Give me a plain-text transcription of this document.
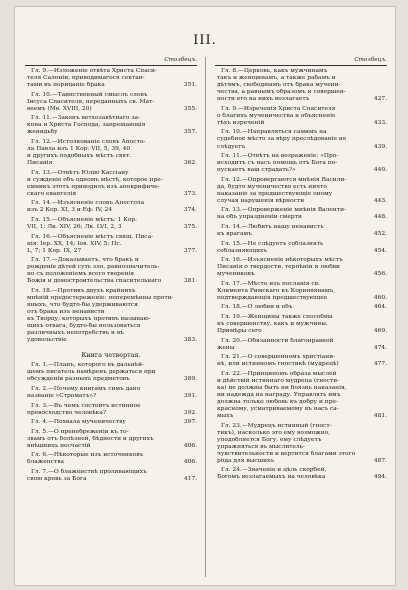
III.
Столбецъ.
Гл. 9.—Изложеніе отвѣта Христа Спаси-
теля Салоніи, приводимагося сектан-
тами въ порицаніе брака	351.
Гл. 10.—Таинственный смыслъ словъ
Іисуса Спасителя, переданныхъ св. Мат-
ѳеемъ (Мѳ. XVIII, 20)	355.
Гл. 11.—Законъ ветхозавѣтнаго за-
кона и Христа Господа, запрещающія
женидьбу	357.
Гл. 12.—Истолкованіе словъ Апосто-
ла Павла изъ 1 Кор. VII, 5, 39, 40
и другихъ подобныхъ мѣстъ свят.
Писанія	362.
Гл. 13.—Отвѣтъ Юлію Кассіану
и сужденіе объ одномъ мѣстѣ, которое прe-
емникъ этотъ приводилъ изъ апокрифиче-
скаго евангелія	373.
Гл. 14.—Изъясненіе словъ Апостола
изъ 2 Кор. XI, 3 и Еф. IV, 24	374.
Гл. 15.—Объясненіе мѣстъ: 1 Кор.
VII, 1; Лк. XIV, 26; Лк. LVI, 2, 3	375.
Гл. 16.—Объясненіе мѣстъ свящ. Писа-
нія: Іер. XX, 14; Іов. XIV, 5; Пс.
L, 7; 1 Кор. IX, 27	377.
Гл. 17.—Доказываетъ, что бракъ и
рожденіе дѣтей суть зло, равнозначитель-
но съ положеніемъ всего творенія
Божія и домостроительства спасительнаго	381.
Гл. 18.—Противъ двухъ крайнихъ
мнѣній предостереженіе: поперемѣнны проти-
вныхъ, что будто-бы удерживаются
отъ брака изъ ненависти
къ Творцу; которыхъ противъ вызываю-
щихъ отвага, будто-бы пользоваться
различныхъ непотребствъ и въ
удовольствіе	383.
Книга четвертая.
Гл. 1.—Планъ, которого въ дальнѣй-
шемъ писатель намѣренъ держаться при
обсужденіи разныхъ предметовъ	389.
Гл. 2.—Почему книгамъ симъ дано
названіе «Строматъ»?	391.
Гл. 3.—Въ чемъ состоитъ истинное
превосходство человѣка?	392.
Гл. 4.—Похвала мученичеству	397.
Гл. 5.—О пренебреженіи къ то-
звамъ отъ болѣзней, бѣдности и другихъ
внѣшнихъ несчастій	406.
Гл. 6.—Нѣкоторые изъ источниковъ
блаженства	406.
Гл. 7.—О блаженствѣ проливающихъ
свою кровь за Бога	417.
Столбецъ.
Гл. 8.—Церковь, какъ мужчинамъ
такъ и женщинамъ, а также рабамъ и
дѣтямъ, свободнымъ отъ брака мучени-
чества, а равнымъ образомъ и совершен-
ности его на нихъ возлагаетъ	427.
Гл. 9.—Изреченія Христа Спасителя
о благихъ мученичества и объясненіе
тѣхъ изреченій	433.
Гл. 10.—Направляться самимъ на
судебное мѣсто за вѣру преслѣдованіе не
слѣдуетъ	439.
Гл. 11.—Отвѣтъ на возраженіе: «Про-
исходитъ съ насъ помощь отъ Бога по-
пускаетъ ваш страдать?»	440.
Гл. 12.—Опровергаются мнѣнія Васили-
да, будто мученичество есть ничто
наказаніе за предшествующіе оному
случая нарушенія вѣрности	443.
Гл. 13.—Опроверженіе мнѣнія Валенти-
на объ упраздненіи смерти	448.
Гл. 14.—Любить нашу ненависть
къ врагамъ	452.
Гл. 15.—Не слѣдуетъ соблазнять
соблазняющихъ	454.
Гл. 16.—Изъясненіе нѣкоторыхъ мѣстъ
Писанія о твердости, терпѣніи и любви
мучениковъ	456.
Гл. 17.—Мѣсто изъ посланія св.
Климента Римскаго къ Коринѳянамъ,
подтверждающія предшествующее	460.
Гл. 18.—О любви и объ	464.
Гл. 19.—Женщины также способны
къ совершенству, какъ и мужчины.
Примѣры сего	469.
Гл. 20.—Обязанности благонравной
жены	474.
Гл. 21.—О совершенномъ христіани-
нѣ, или истинномъ гностикѣ (мудрецѣ)	477.
Гл. 22.—Принципомъ образа мыслей
и дѣйствій истиннаго мудреца (гности-
ка) не должны быть ни боязнь наказанія,
ни надежда на награду. Управлять имъ
должна только любовь къ добру и пре-
красному, усматриваемому въ насъ са-
мыхъ	481.
Гл. 23.—Мудрецъ истинный (гност-
тикъ), насколько это ему возможно,
уподобляется Богу, ему слѣдуетъ
упражняться въ мыслитель-
чувствительности и вертится благами этого
рода для высшихъ	487.
Гл. 24.—Значеніе и цѣль скорбей,
Богомъ возлагаемыхъ на человѣка	494.
